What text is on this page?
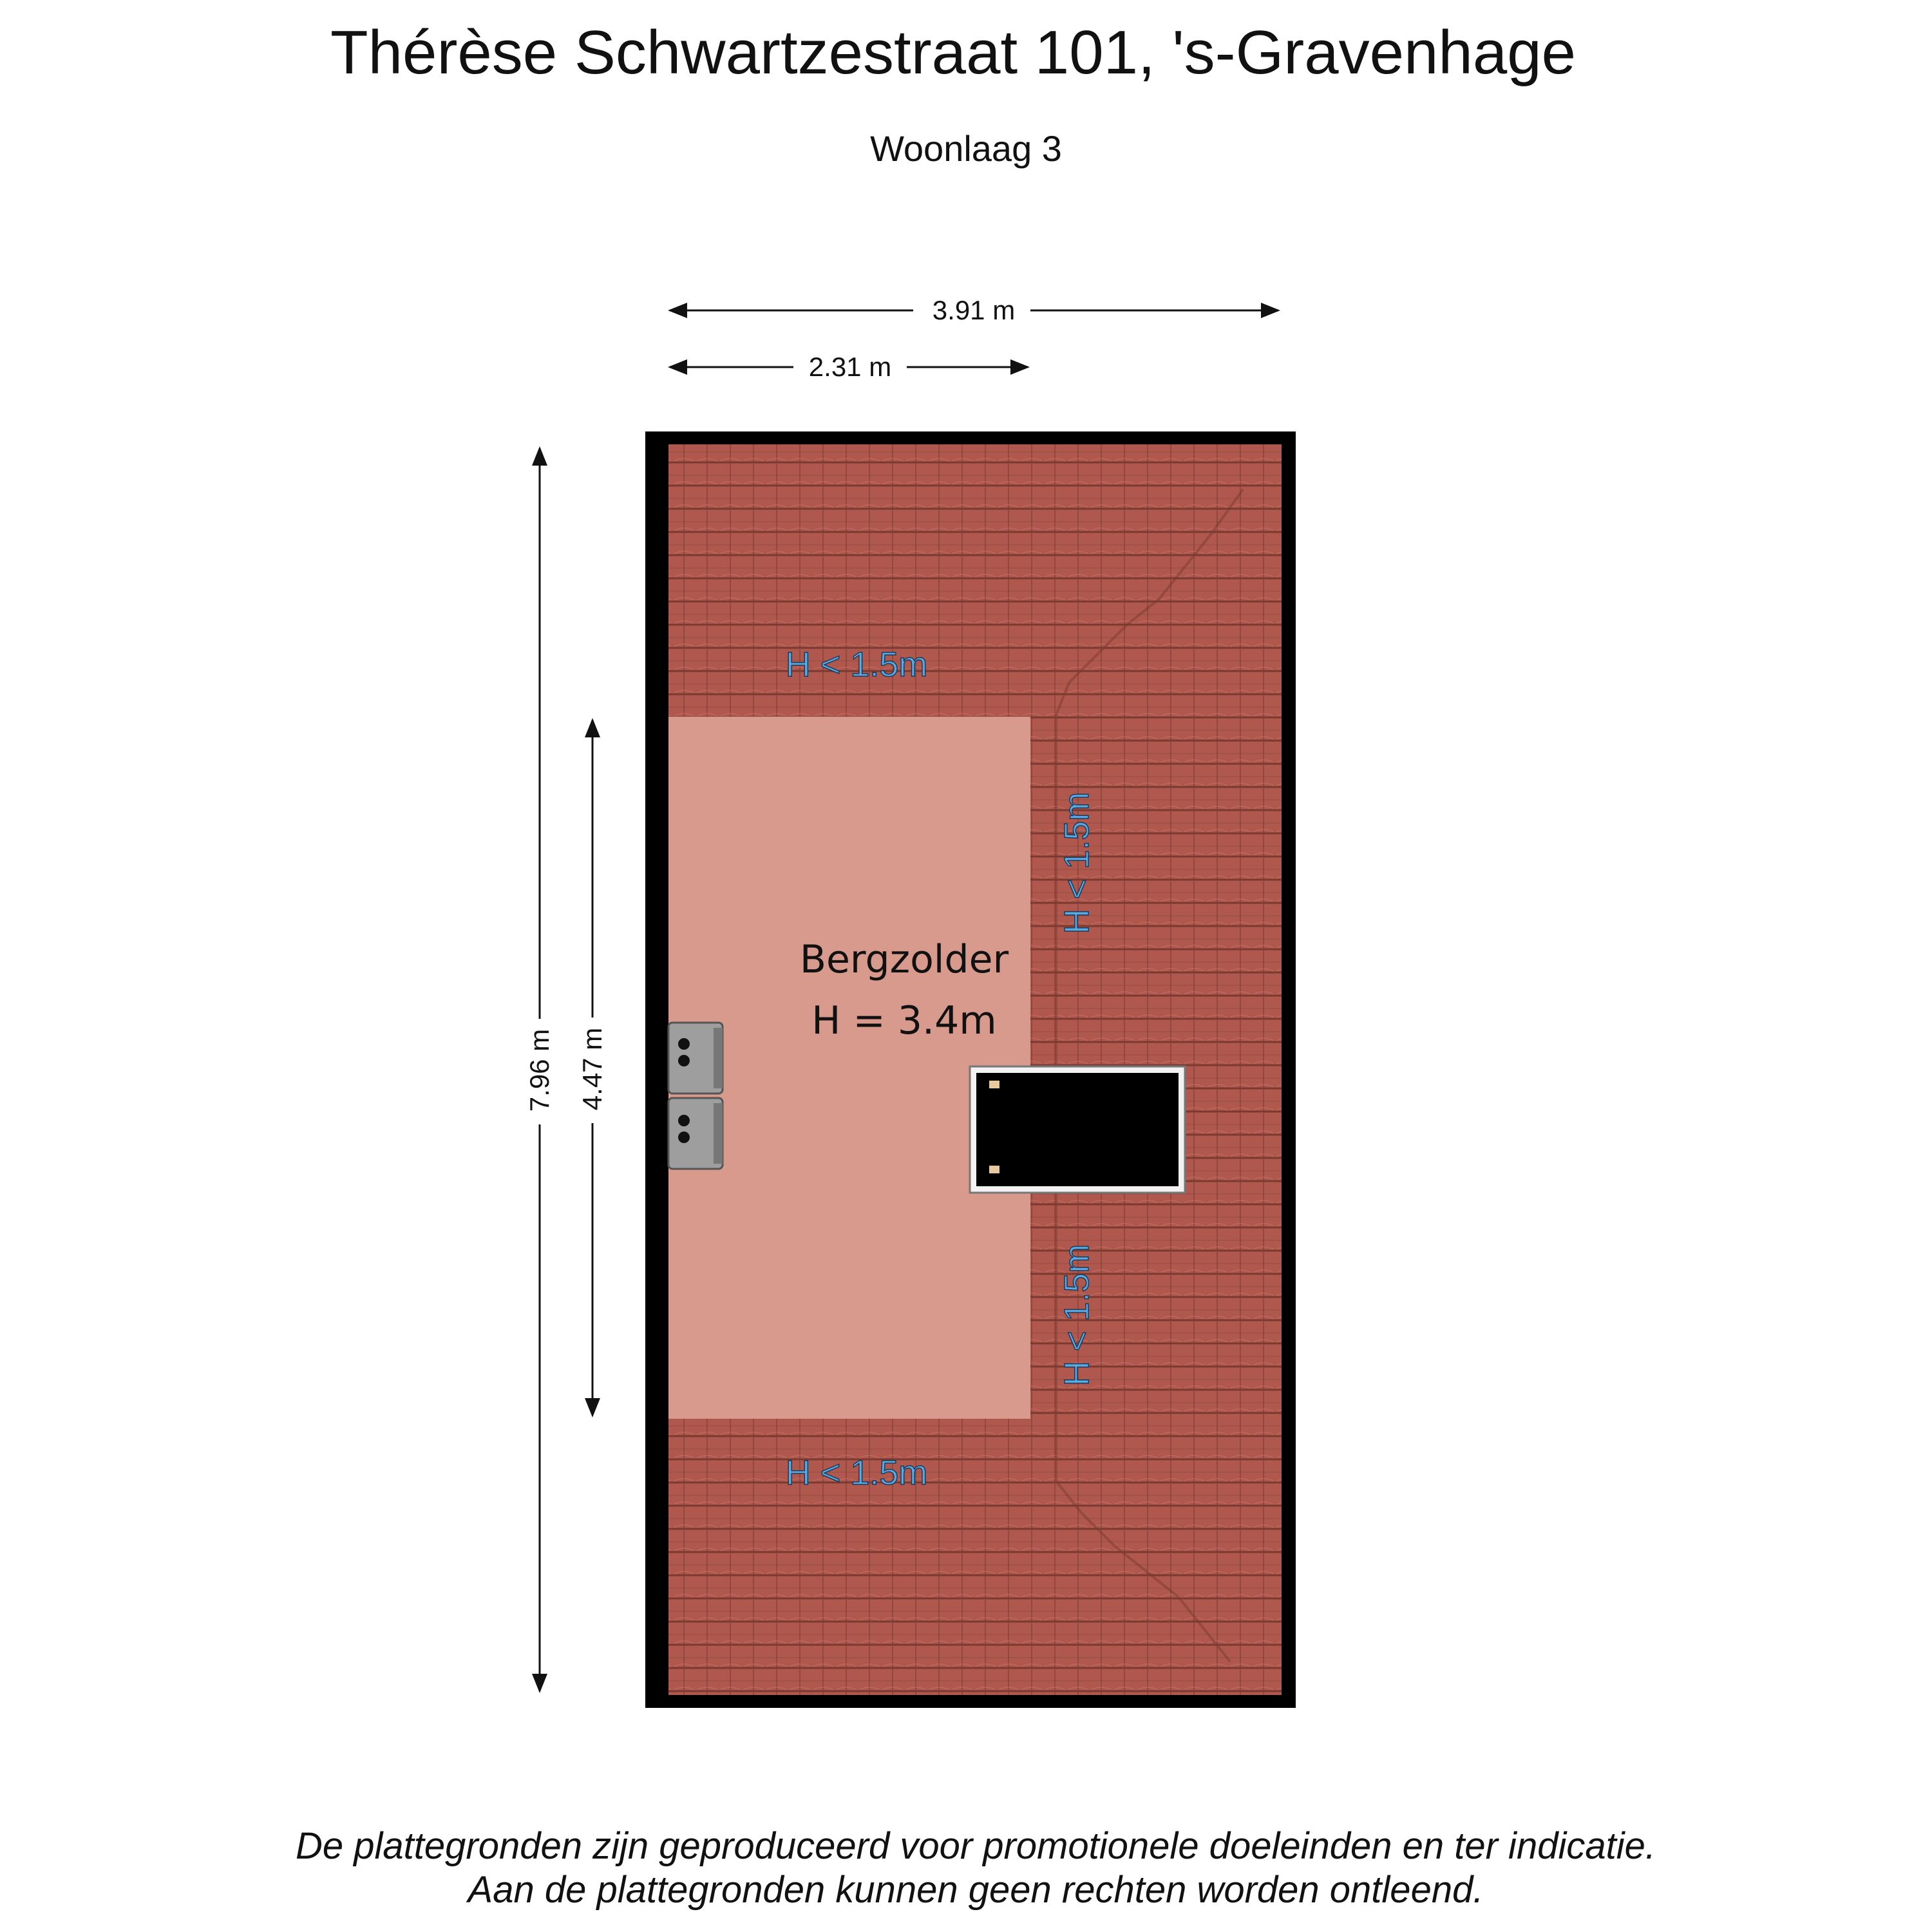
Thérèse Schwartzestraat 101, 's-Gravenhage
Woonlaag 3
Bergzolder
H = 3.4m
H < 1.5m
H < 1.5m
H < 1.5m
H < 1.5m
3.91 m
2.31 m
7.96 m 4.47 m
De plattegronden zijn geproduceerd voor promotionele doeleinden en ter indicatie.
Aan de plattegronden kunnen geen rechten worden ontleend.
